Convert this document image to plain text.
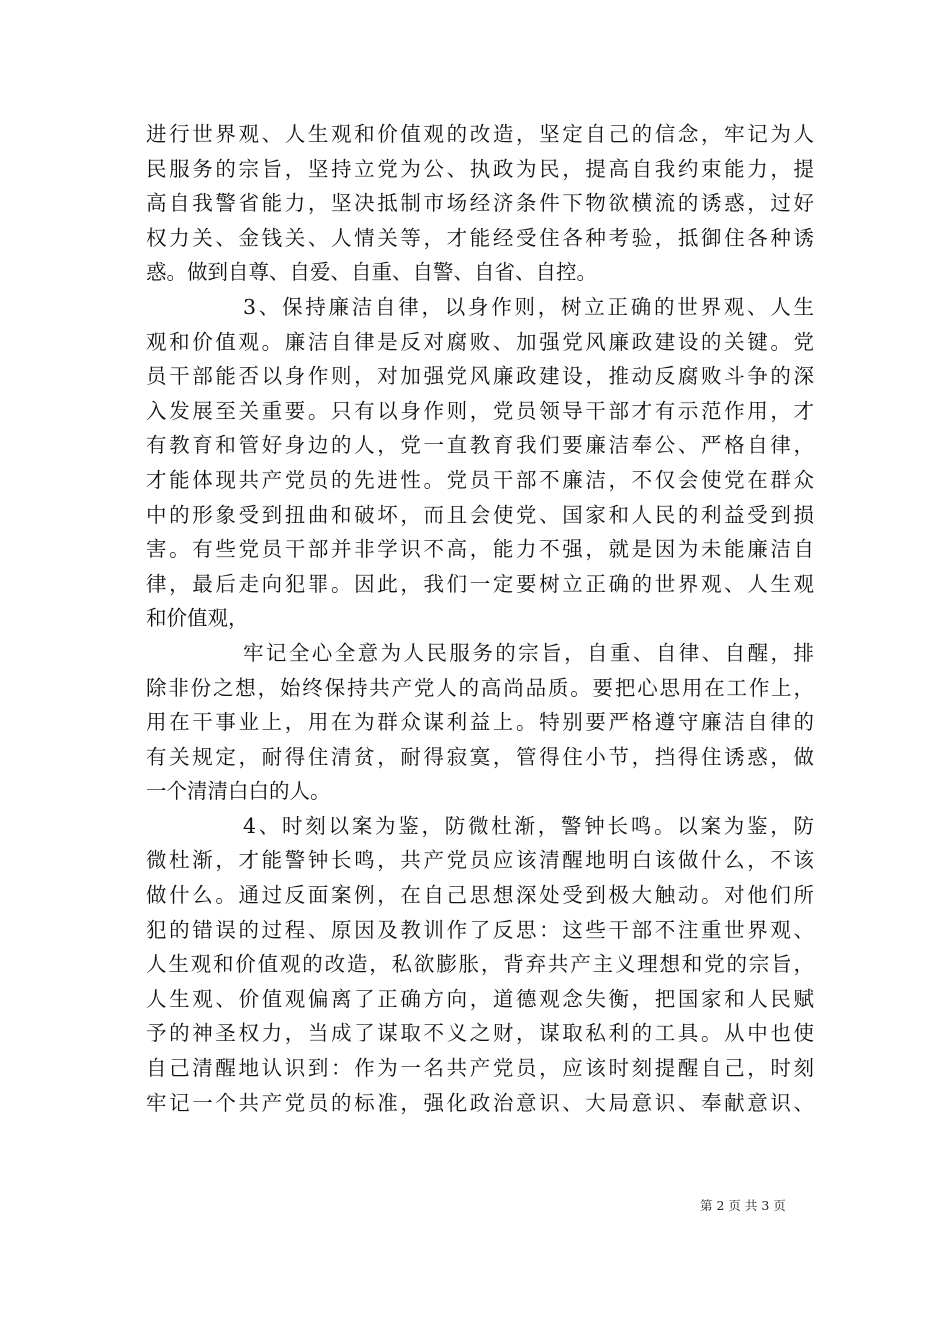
进行世界观、人生观和价值观的改造，坚定自己的信念，牢记为人
民服务的宗旨，坚持立党为公、执政为民，提高自我约束能力，提
高自我警省能力，坚决抵制市场经济条件下物欲横流的诱惑，过好
权力关、金钱关、人情关等，才能经受住各种考验，抵御住各种诱
惑。做到自尊、自爱、自重、自警、自省、自控。
3、保持廉洁自律，以身作则，树立正确的世界观、人生
观和价值观。廉洁自律是反对腐败、加强党风廉政建设的关键。党
员干部能否以身作则，对加强党风廉政建设，推动反腐败斗争的深
入发展至关重要。只有以身作则，党员领导干部才有示范作用，才
有教育和管好身边的人，党一直教育我们要廉洁奉公、严格自律，
才能体现共产党员的先进性。党员干部不廉洁，不仅会使党在群众
中的形象受到扭曲和破坏，而且会使党、国家和人民的利益受到损
害。有些党员干部并非学识不高，能力不强，就是因为未能廉洁自
律，最后走向犯罪。因此，我们一定要树立正确的世界观、人生观
和价值观，
牢记全心全意为人民服务的宗旨，自重、自律、自醒，排
除非份之想，始终保持共产党人的高尚品质。要把心思用在工作上，
用在干事业上，用在为群众谋利益上。特别要严格遵守廉洁自律的
有关规定，耐得住清贫，耐得寂寞，管得住小节，挡得住诱惑，做
一个清清白白的人。
4、时刻以案为鉴，防微杜渐，警钟长鸣。以案为鉴，防
微杜渐，才能警钟长鸣，共产党员应该清醒地明白该做什么，不该
做什么。通过反面案例，在自己思想深处受到极大触动。对他们所
犯的错误的过程、原因及教训作了反思：这些干部不注重世界观、
人生观和价值观的改造，私欲膨胀，背弃共产主义理想和党的宗旨，
人生观、价值观偏离了正确方向，道德观念失衡，把国家和人民赋
予的神圣权力，当成了谋取不义之财，谋取私利的工具。从中也使
自己清醒地认识到：作为一名共产党员，应该时刻提醒自己，时刻
牢记一个共产党员的标准，强化政治意识、大局意识、奉献意识、
第 2 页 共 3 页
